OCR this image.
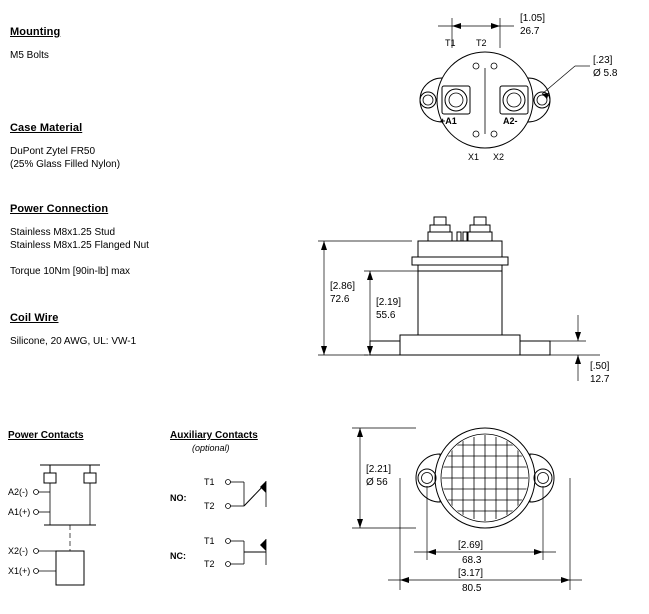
Mounting
M5 Bolts
Case Material
DuPont Zytel FR50
(25% Glass Filled Nylon)
Power Connection
Stainless M8x1.25 Stud
Stainless M8x1.25 Flanged Nut
Torque 10Nm [90in-lb] max
Coil Wire
Silicone, 20 AWG, UL: VW-1
[1.05]
26.7
T1 T2
+A1	A2-
[.23]
Ø 5.8
X1 X2
[2.86]
72.6	[2.19]
55.6
[.50]
12.7
[2.21]
Ø 56
[2.69]
68.3
[3.17]
80.5
Power Contacts
A2(-)
A1(+)
X2(-)
X1(+)
Auxiliary Contacts
(optional)
NO:
T1
T2
NC:
T1
T2
